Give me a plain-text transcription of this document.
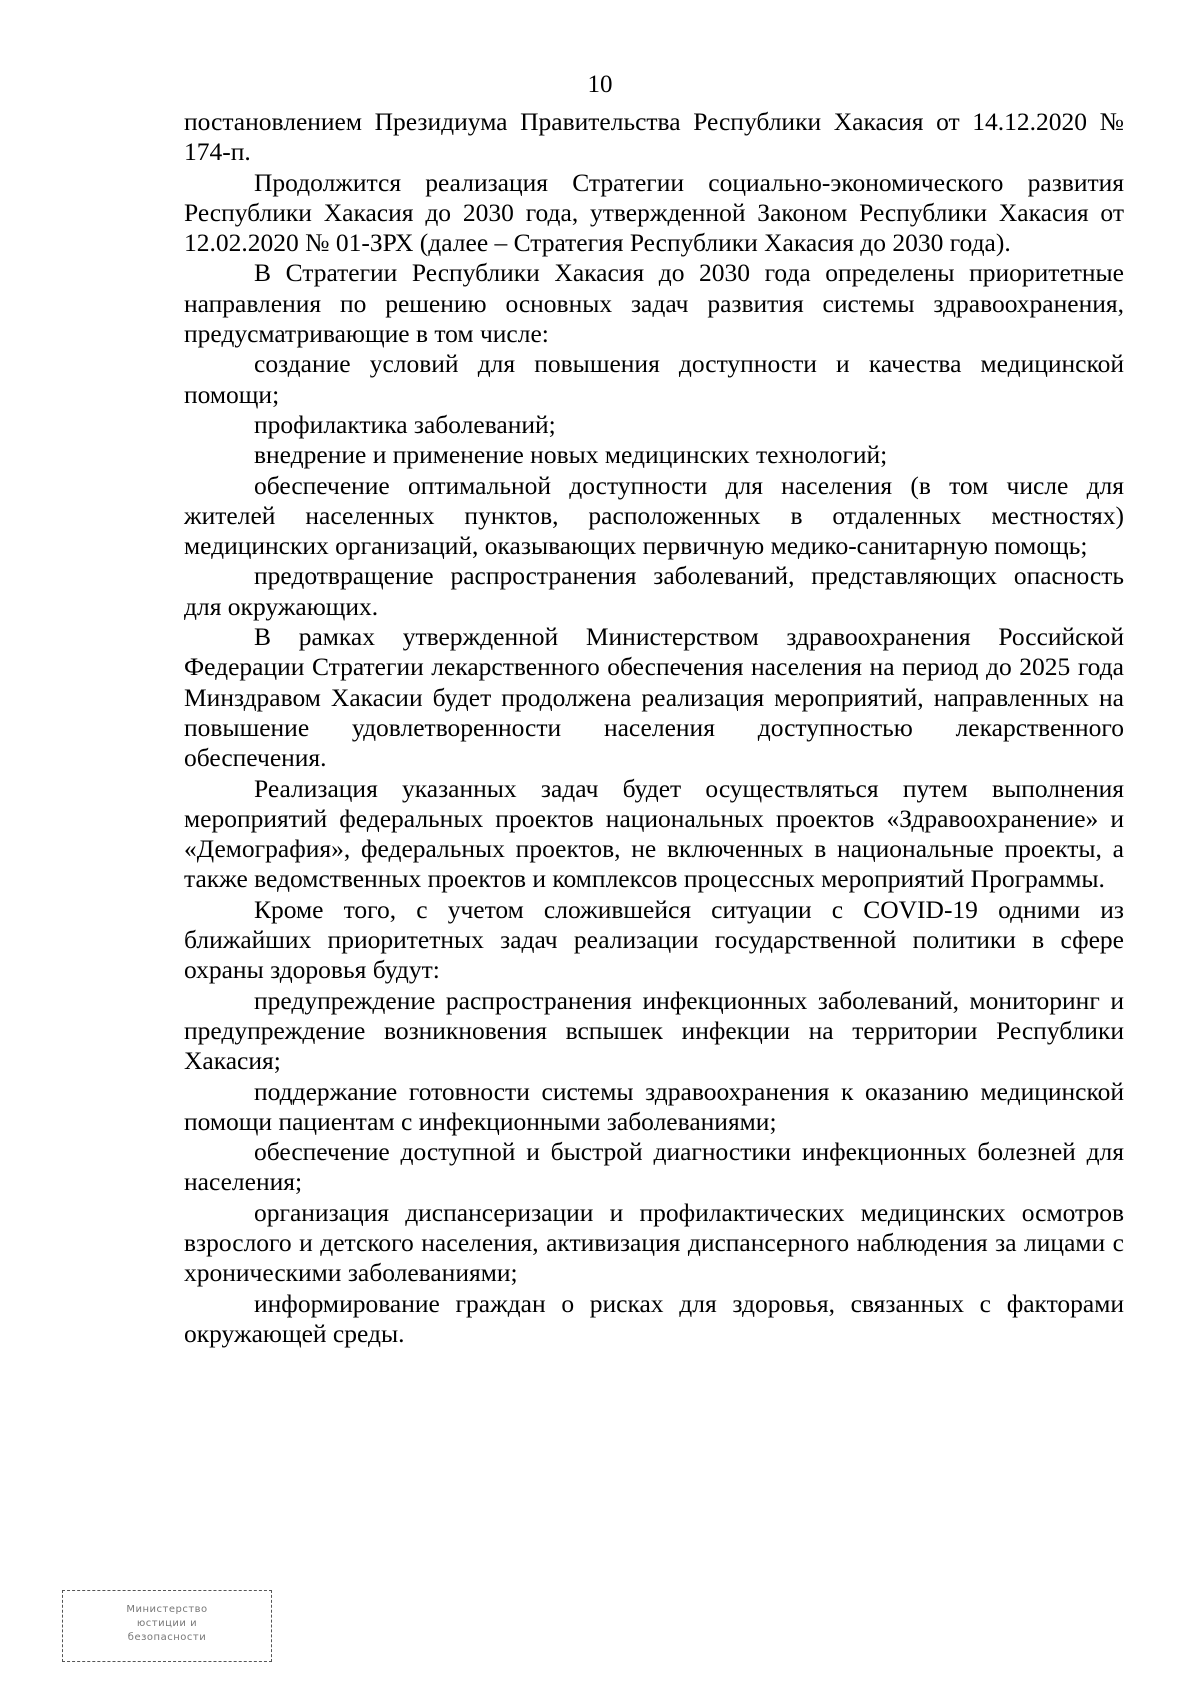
10

постановлением Президиума Правительства Республики Хакасия от 14.12.2020 № 174-п.

Продолжится реализация Стратегии социально-экономического развития Республики Хакасия до 2030 года, утвержденной Законом Республики Хакасия от 12.02.2020 № 01-ЗРХ (далее – Стратегия Республики Хакасия до 2030 года).

В Стратегии Республики Хакасия до 2030 года определены приоритетные направления по решению основных задач развития системы здравоохранения, предусматривающие в том числе:

создание условий для повышения доступности и качества медицинской помощи;

профилактика заболеваний;

внедрение и применение новых медицинских технологий;

обеспечение оптимальной доступности для населения (в том числе для жителей населенных пунктов, расположенных в отдаленных местностях) медицинских организаций, оказывающих первичную медико-санитарную помощь;

предотвращение распространения заболеваний, представляющих опасность для окружающих.

В рамках утвержденной Министерством здравоохранения Российской Федерации Стратегии лекарственного обеспечения населения на период до 2025 года Минздравом Хакасии будет продолжена реализация мероприятий, направленных на повышение удовлетворенности населения доступностью лекарственного обеспечения.

Реализация указанных задач будет осуществляться путем выполнения мероприятий федеральных проектов национальных проектов «Здравоохранение» и «Демография», федеральных проектов, не включенных в национальные проекты, а также ведомственных проектов и комплексов процессных мероприятий Программы.

Кроме того, с учетом сложившейся ситуации с COVID-19 одними из ближайших приоритетных задач реализации государственной политики в сфере охраны здоровья будут:

предупреждение распространения инфекционных заболеваний, мониторинг и предупреждение возникновения вспышек инфекции на территории Республики Хакасия;

поддержание готовности системы здравоохранения к оказанию медицинской помощи пациентам с инфекционными заболеваниями;

обеспечение доступной и быстрой диагностики инфекционных болезней для населения;

организация диспансеризации и профилактических медицинских осмотров взрослого и детского населения, активизация диспансерного наблюдения за лицами с хроническими заболеваниями;

информирование граждан о рисках для здоровья, связанных с факторами окружающей среды.

Министерство
юстиции и
безопасности
